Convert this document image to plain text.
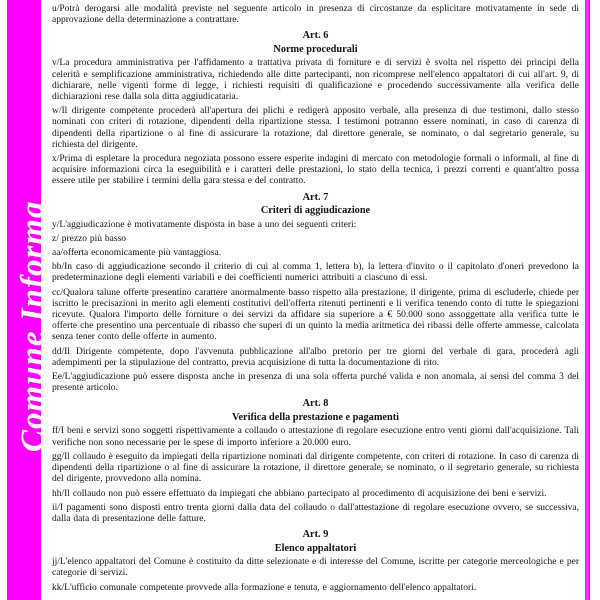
Comune Informa

u/Potrà derogarsi alle modalità previste nel seguente articolo in presenza di circostanze da esplicitare motivatamente in sede di approvazione della determinazione a contrattare.

Art. 6
Norme procedurali

v/La procedura amministrativa per l'affidamento a trattativa privata di forniture e di servizi è svolta nel rispetto dei principi della celerità e semplificazione amministrativa, richiedendo alle ditte partecipanti, non ricomprese nell'elenco appaltatori di cui all'art. 9, di dichiarare, nelle vigenti forme di legge, i richiesti requisiti di qualificazione e procedendo successivamente alla verifica delle dichiarazioni rese dalla sola ditta aggiudicataria.

w/Il dirigente competente procederà all'apertura dei plichi e redigerà apposito verbale, alla presenza di due testimoni, dallo stesso nominati con criteri di rotazione, dipendenti della ripartizione stessa. I testimoni potranno essere nominati, in caso di carenza di dipendenti della ripartizione o al fine di assicurare la rotazione, dal direttore generale, se nominato, o dal segretario generale, su richiesta del dirigente.

x/Prima di espletare la procedura negoziata possono essere esperite indagini di mercato con metodologie formali o informali, al fine di acquisire informazioni circa la eseguibilità e i caratteri delle prestazioni, lo stato della tecnica, i prezzi correnti e quant'altro possa essere utile per stabilire i termini della gara stessa e del contratto.

Art. 7
Criteri di aggiudicazione

y/L'aggiudicazione è motivatamente disposta in base a uno dei seguenti criteri:

z/ prezzo più basso

aa/offerta economicamente più vantaggiosa.

bb/In caso di aggiudicazione secondo il criterio di cui al comma 1, lettera b), la lettera d'invito o il capitolato d'oneri prevedono la predeterminazione degli elementi variabili e dei coefficienti numerici attribuiti a ciascuno di essi.

cc/Qualora talune offerte presentino carattere anormalmente basso rispetto alla prestazione, il dirigente, prima di escluderle, chiede per iscritto le precisazioni in merito agli elementi costitutivi dell'offerta ritenuti pertinenti e li verifica tenendo conto di tutte le spiegazioni ricevute. Qualora l'importo delle forniture o dei servizi da affidare sia superiore a € 50.000 sono assoggettate alla verifica tutte le offerte che presentino una percentuale di ribasso che superi di un quinto la media aritmetica dei ribassi delle offerte ammesse, calcolata senza tener conto delle offerte in aumento.

dd/Il Dirigente competente, dopo l'avvenuta pubblicazione all'albo pretorio per tre giorni del verbale di gara, procederà agli adempimenti per la stipulazione del contratto, previa acquisizione di tutta la documentazione di rito.

Ee/L'aggiudicazione può essere disposta anche in presenza di una sola offerta purché valida e non anomala, ai sensi del comma 3 del presente articolo.

Art. 8
Verifica della prestazione e pagamenti

ff/I beni e servizi sono soggetti rispettivamente a collaudo o attestazione di regolare esecuzione entro venti giorni dall'acquisizione. Tali verifiche non sono necessarie per le spese di importo inferiore a 20.000 euro.

gg/Il collaudo è eseguito da impiegati della ripartizione nominati dal dirigente competente, con criteri di rotazione. In caso di carenza di dipendenti della ripartizione o al fine di assicurare la rotazione, il direttore generale, se nominato, o il segretario generale, su richiesta del dirigente, provvedono alla nomina.

hh/Il collaudo non può essere effettuato da impiegati che abbiano partecipato al procedimento di acquisizione dei beni e servizi.

ii/I pagamenti sono disposti entro trenta giorni dalla data del collaudo o dall'attestazione di regolare esecuzione ovvero, se successiva, dalla data di presentazione delle fatture.

Art. 9
Elenco appaltatori

jj/L'elenco appaltatori del Comune è costituito da ditte selezionate e di interesse del Comune, iscritte per categorie merceologiche e per categorie di servizi.

kk/L'ufficio comunale competente provvede alla formazione e tenuta, e aggiornamento dell'elenco appaltatori.
